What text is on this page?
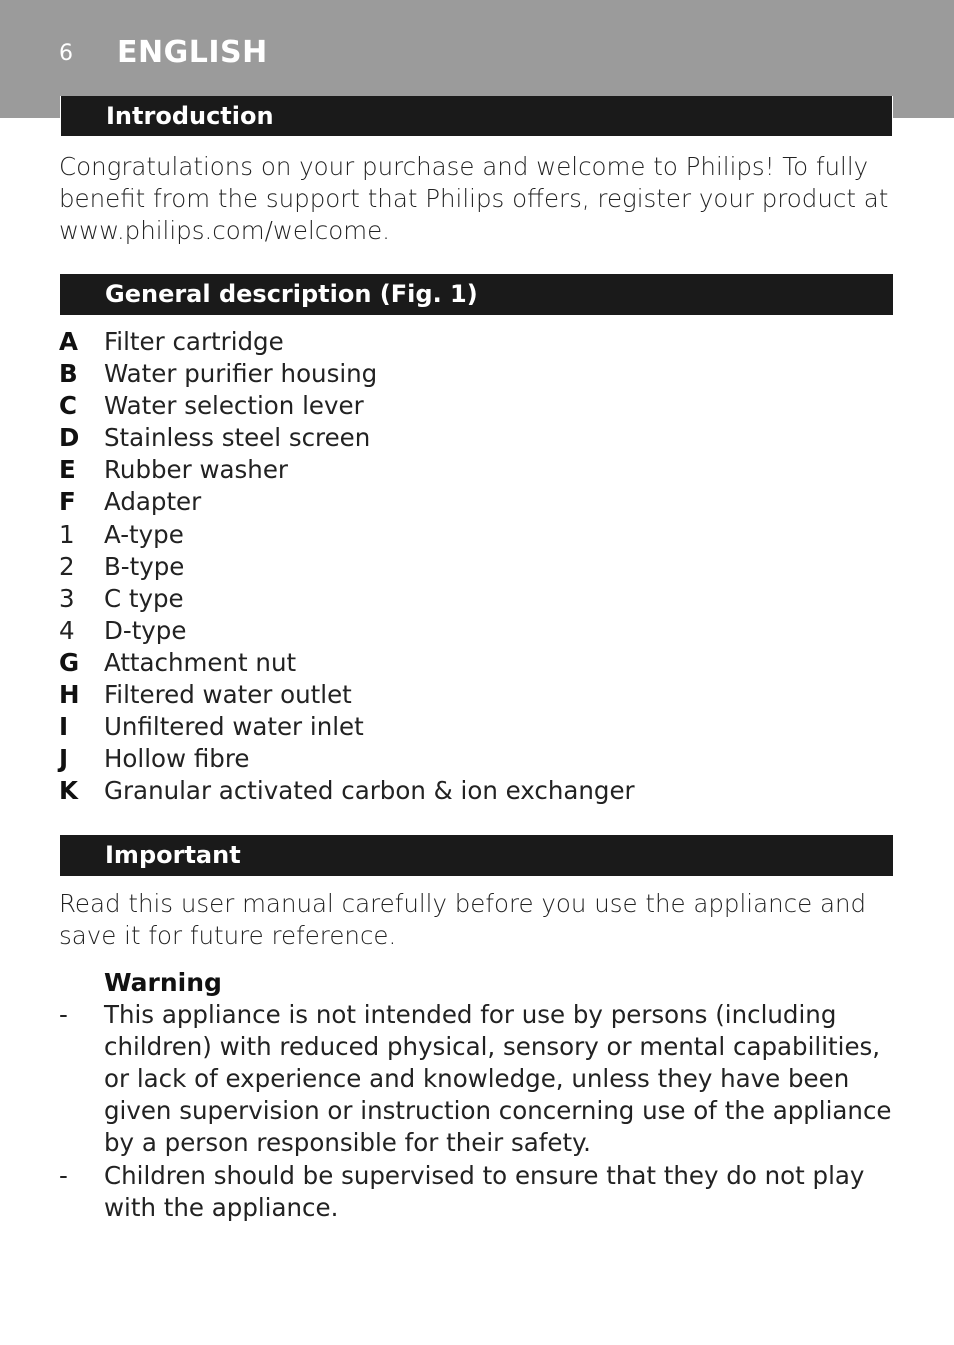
6 ENGLISH
Introduction
Congratulations on your purchase and welcome to Philips! To fully benefit from the support that Philips offers, register your product at www.philips.com/welcome.
General description (Fig. 1)
A	Filter cartridge
B	Water purifier housing
C	Water selection lever
D	Stainless steel screen
E	Rubber washer
F	Adapter
1	A-type
2	B-type
3	C type
4	D-type
G	Attachment nut
H Filtered water outlet
I	Unfiltered water inlet
J	Hollow fibre
K	Granular activated carbon & ion exchanger
Important
Read this user manual carefully before you use the appliance and save it for future reference.
Warning
- This appliance is not intended for use by persons (including children) with reduced physical, sensory or mental capabilities, or lack of experience and knowledge, unless they have been given supervision or instruction concerning use of the appliance by a person responsible for their safety.
- Children should be supervised to ensure that they do not play with the appliance.
